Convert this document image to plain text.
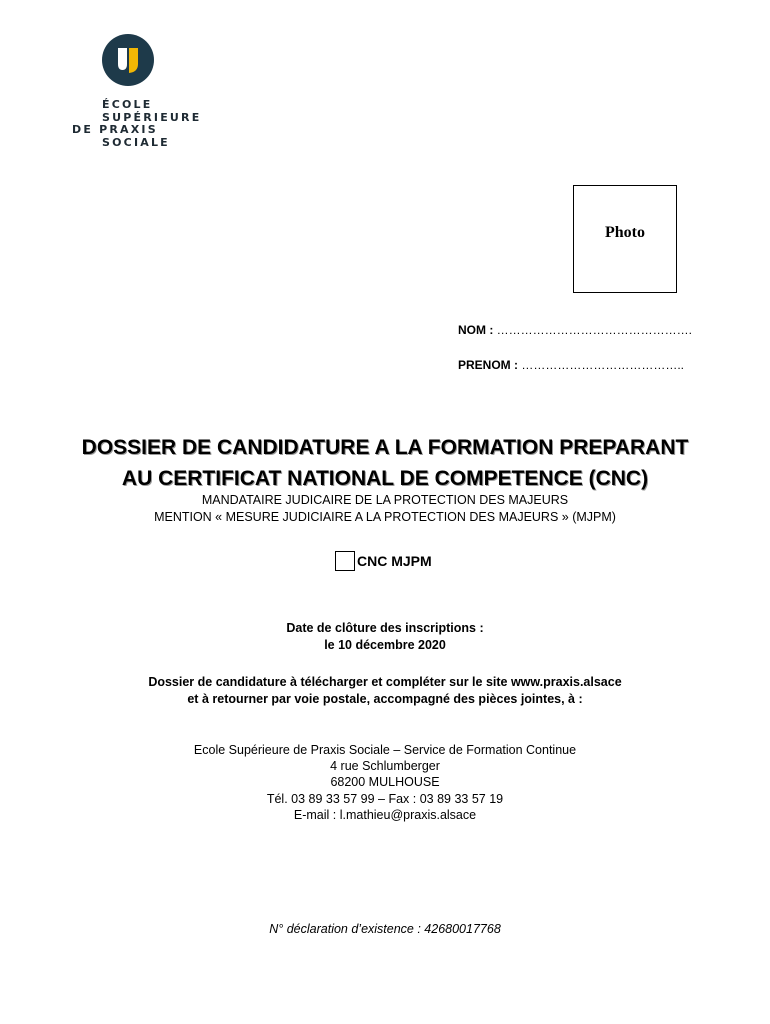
ÉCOLE
SUPÉRIEURE
DE PRAXIS
SOCIALE
Photo
NOM : ………………………………………….
PRENOM : …………………………………..
DOSSIER DE CANDIDATURE A LA FORMATION PREPARANT
AU CERTIFICAT NATIONAL DE COMPETENCE (CNC)
MANDATAIRE JUDICAIRE DE LA PROTECTION DES MAJEURS
MENTION « MESURE JUDICIAIRE A LA PROTECTION DES MAJEURS » (MJPM)
CNC MJPM
Date de clôture des inscriptions :
le 10 décembre 2020
Dossier de candidature à télécharger et compléter sur le site www.praxis.alsace
et à retourner par voie postale, accompagné des pièces jointes, à :
Ecole Supérieure de Praxis Sociale – Service de Formation Continue
4 rue Schlumberger
68200 MULHOUSE
Tél. 03 89 33 57 99 – Fax : 03 89 33 57 19
E-mail : l.mathieu@praxis.alsace
N° déclaration d’existence : 42680017768
